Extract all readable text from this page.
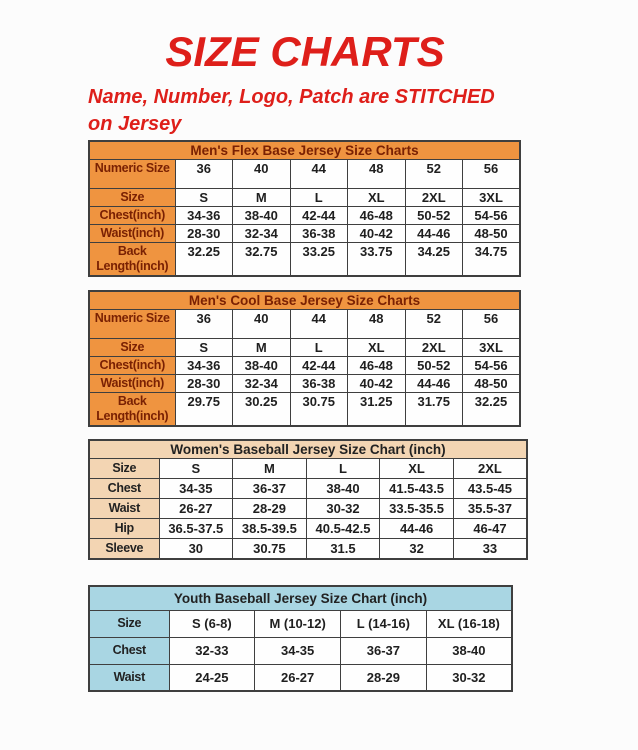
SIZE CHARTS

Name, Number, Logo, Patch are STITCHED
on Jersey

Men's Flex Base Jersey Size Charts						
Numeric Size	36	40	44	48	52	56
Size	S	M	L	XL	2XL	3XL
Chest(inch)	34-36	38-40	42-44	46-48	50-52	54-56
Waist(inch)	28-30	32-34	36-38	40-42	44-46	48-50
Back Length(inch)	32.25	32.75	33.25	33.75	34.25	34.75
Men's Cool Base Jersey Size Charts						
Numeric Size	36	40	44	48	52	56
Size	S	M	L	XL	2XL	3XL
Chest(inch)	34-36	38-40	42-44	46-48	50-52	54-56
Waist(inch)	28-30	32-34	36-38	40-42	44-46	48-50
Back Length(inch)	29.75	30.25	30.75	31.25	31.75	32.25
Women's Baseball Jersey Size Chart (inch)					
Size	S	M	L	XL	2XL
Chest	34-35	36-37	38-40	41.5-43.5	43.5-45
Waist	26-27	28-29	30-32	33.5-35.5	35.5-37
Hip	36.5-37.5	38.5-39.5	40.5-42.5	44-46	46-47
Sleeve	30	30.75	31.5	32	33
Youth Baseball Jersey Size Chart (inch)				
Size	S (6-8)	M (10-12)	L (14-16)	XL (16-18)
Chest	32-33	34-35	36-37	38-40
Waist	24-25	26-27	28-29	30-32
